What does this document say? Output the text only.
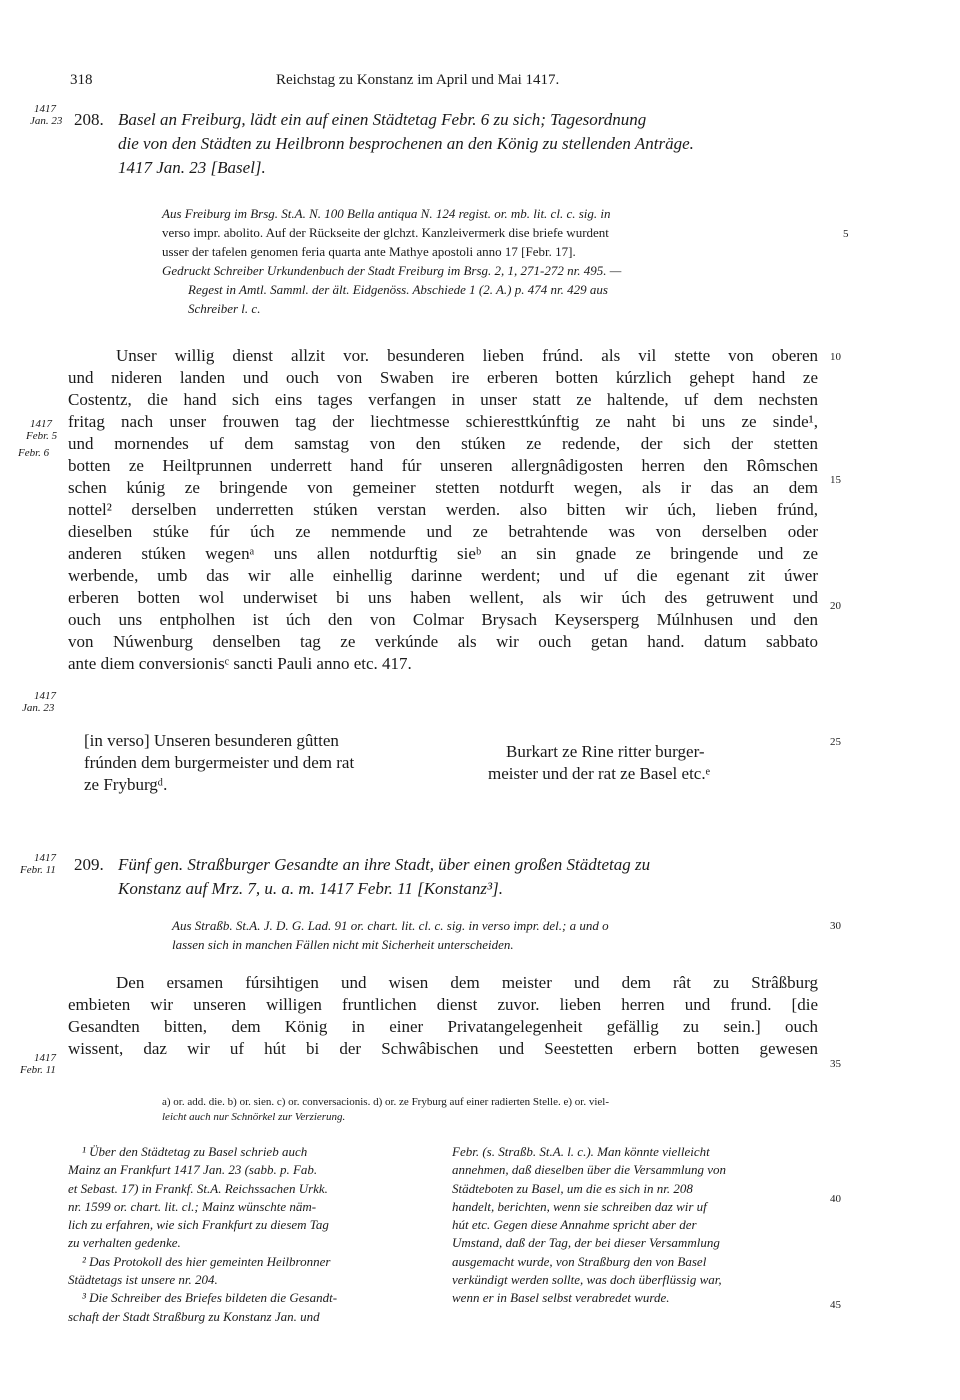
318	Reichstag zu Konstanz im April und Mai 1417.
1417
Jan. 23
1417
Febr. 5
Febr. 6
1417
Jan. 23
1417
Febr. 11
1417
Febr. 11
5
10
15
20
25
30
35
40
45
208. Basel an Freiburg, lädt ein auf einen Städtetag Febr. 6 zu sich; Tagesordnung
die von den Städten zu Heilbronn besprochenen an den König zu stellenden Anträge.
1417 Jan. 23 [Basel].
Aus Freiburg im Brsg. St.A. N. 100 Bella antiqua N. 124 regist. or. mb. lit. cl. c. sig. in
verso impr. abolito. Auf der Rückseite der glchzt. Kanzleivermerk dise briefe wurdent
usser der tafelen genomen feria quarta ante Mathye apostoli anno 17 [Febr. 17].
Gedruckt Schreiber Urkundenbuch der Stadt Freiburg im Brsg. 2, 1, 271-272 nr. 495. —
Regest in Amtl. Samml. der ält. Eidgenöss. Abschiede 1 (2. A.) p. 474 nr. 429 aus
Schreiber l. c.
Unser willig dienst allzit vor. besunderen lieben frúnd. als vil stette von oberen
und nideren landen und ouch von Swaben ire erberen botten kúrzlich gehept hand ze
Costentz, die hand sich eins tages verfangen in unser statt ze haltende, uf dem nechsten
fritag nach unser frouwen tag der liechtmesse schieresttkúnftig ze naht bi uns ze sinde¹,
und mornendes uf dem samstag von den stúken ze redende, der sich der stetten
botten ze Heiltprunnen underrett hand fúr unseren allergnâdigosten herren den Rômschen
schen kúnig ze bringende von gemeiner stetten notdurft wegen, als ir das an dem
nottel² derselben underretten stúken verstan werden. also bitten wir úch, lieben frúnd,
dieselben stúke fúr úch ze nemmende und ze betrahtende was von derselben oder
anderen stúken wegenᵃ uns allen notdurftig sieᵇ an sin gnade ze bringende und ze
werbende, umb das wir alle einhellig darinne werdent; und uf die egenant zit úwer
erberen botten wol underwiset bi uns haben wellent, als wir úch des getruwent und
ouch uns entpholhen ist úch den von Colmar Brysach Keysersperg Múlnhusen und den
von Núwenburg denselben tag ze verkúnde als wir ouch getan hand. datum sabbato
ante diem conversionisᶜ sancti Pauli anno etc. 417.
[in verso] Unseren besunderen gûtten
frúnden dem burgermeister und dem rat
ze Fryburgᵈ.
Burkart ze Rine ritter burger-
meister und der rat ze Basel etc.ᵉ
209. Fünf gen. Straßburger Gesandte an ihre Stadt, über einen großen Städtetag zu
Konstanz auf Mrz. 7, u. a. m. 1417 Febr. 11 [Konstanz³].
Aus Straßb. St.A. J. D. G. Lad. 91 or. chart. lit. cl. c. sig. in verso impr. del.; a und o
lassen sich in manchen Fällen nicht mit Sicherheit unterscheiden.
Den ersamen fúrsihtigen und wisen dem meister und dem rât zu Strâßburg
embieten wir unseren willigen fruntlichen dienst zuvor. lieben herren und frund. [die
Gesandten bitten, dem König in einer Privatangelegenheit gefällig zu sein.] ouch
wissent, daz wir uf hút bi der Schwâbischen und Seestetten erbern botten gewesen
a) or. add. die. b) or. sien. c) or. conversacionis. d) or. ze Fryburg auf einer radierten Stelle. e) or. viel-
leicht auch nur Schnörkel zur Verzierung.
¹ Über den Städtetag zu Basel schrieb auch
Mainz an Frankfurt 1417 Jan. 23 (sabb. p. Fab.
et Sebast. 17) in Frankf. St.A. Reichssachen Urkk.
nr. 1599 or. chart. lit. cl.; Mainz wünschte näm-
lich zu erfahren, wie sich Frankfurt zu diesem Tag
zu verhalten gedenke.
² Das Protokoll des hier gemeinten Heilbronner
Städtetags ist unsere nr. 204.
³ Die Schreiber des Briefes bildeten die Gesandt-
schaft der Stadt Straßburg zu Konstanz Jan. und
Febr. (s. Straßb. St.A. l. c.). Man könnte vielleicht
annehmen, daß dieselben über die Versammlung von
Städteboten zu Basel, um die es sich in nr. 208
handelt, berichten, wenn sie schreiben daz wir uf
hút etc. Gegen diese Annahme spricht aber der
Umstand, daß der Tag, der bei dieser Versammlung
ausgemacht wurde, von Straßburg den von Basel
verkündigt werden sollte, was doch überflüssig war,
wenn er in Basel selbst verabredet wurde.
